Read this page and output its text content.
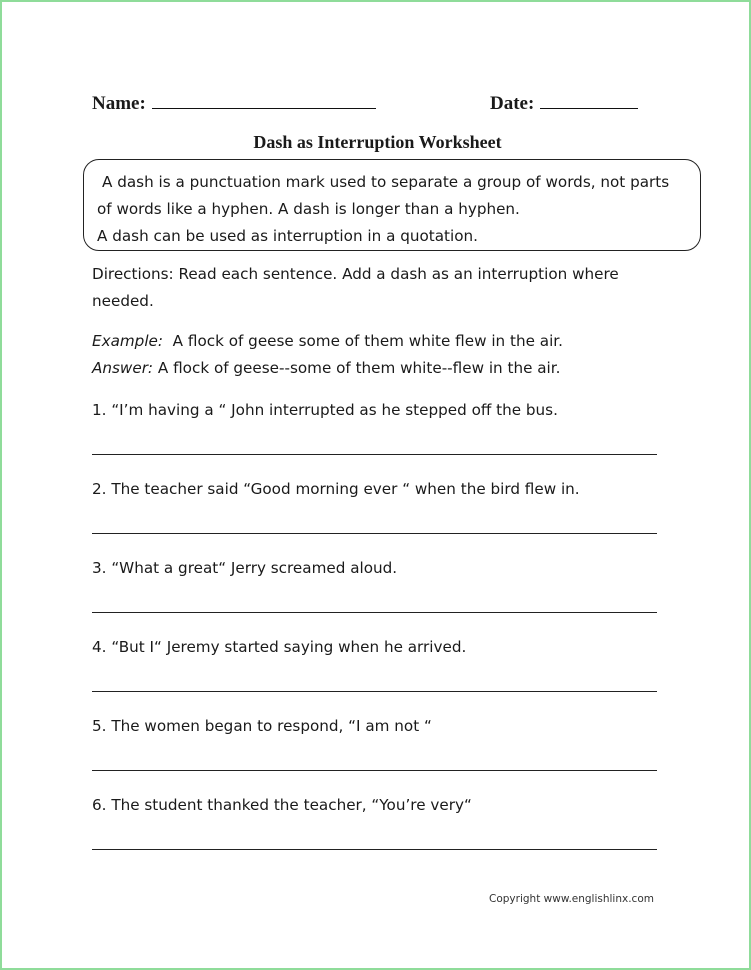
Name:	Date:
Dash as Interruption Worksheet

A dash is a punctuation mark used to separate a group of words, not parts

of words like a hyphen. A dash is longer than a hyphen.

A dash can be used as interruption in a quotation.

Directions: Read each sentence. Add a dash as an interruption where needed.

Example: A flock of geese some of them white flew in the air.

Answer: A flock of geese--some of them white--flew in the air.

1. “I’m having a “ John interrupted as he stepped off the bus.
2. The teacher said “Good morning ever “ when the bird flew in.
3. “What a great“ Jerry screamed aloud.
4. “But I“ Jeremy started saying when he arrived.
5. The women began to respond, “I am not “
6. The student thanked the teacher, “You’re very“
Copyright www.englishlinx.com
